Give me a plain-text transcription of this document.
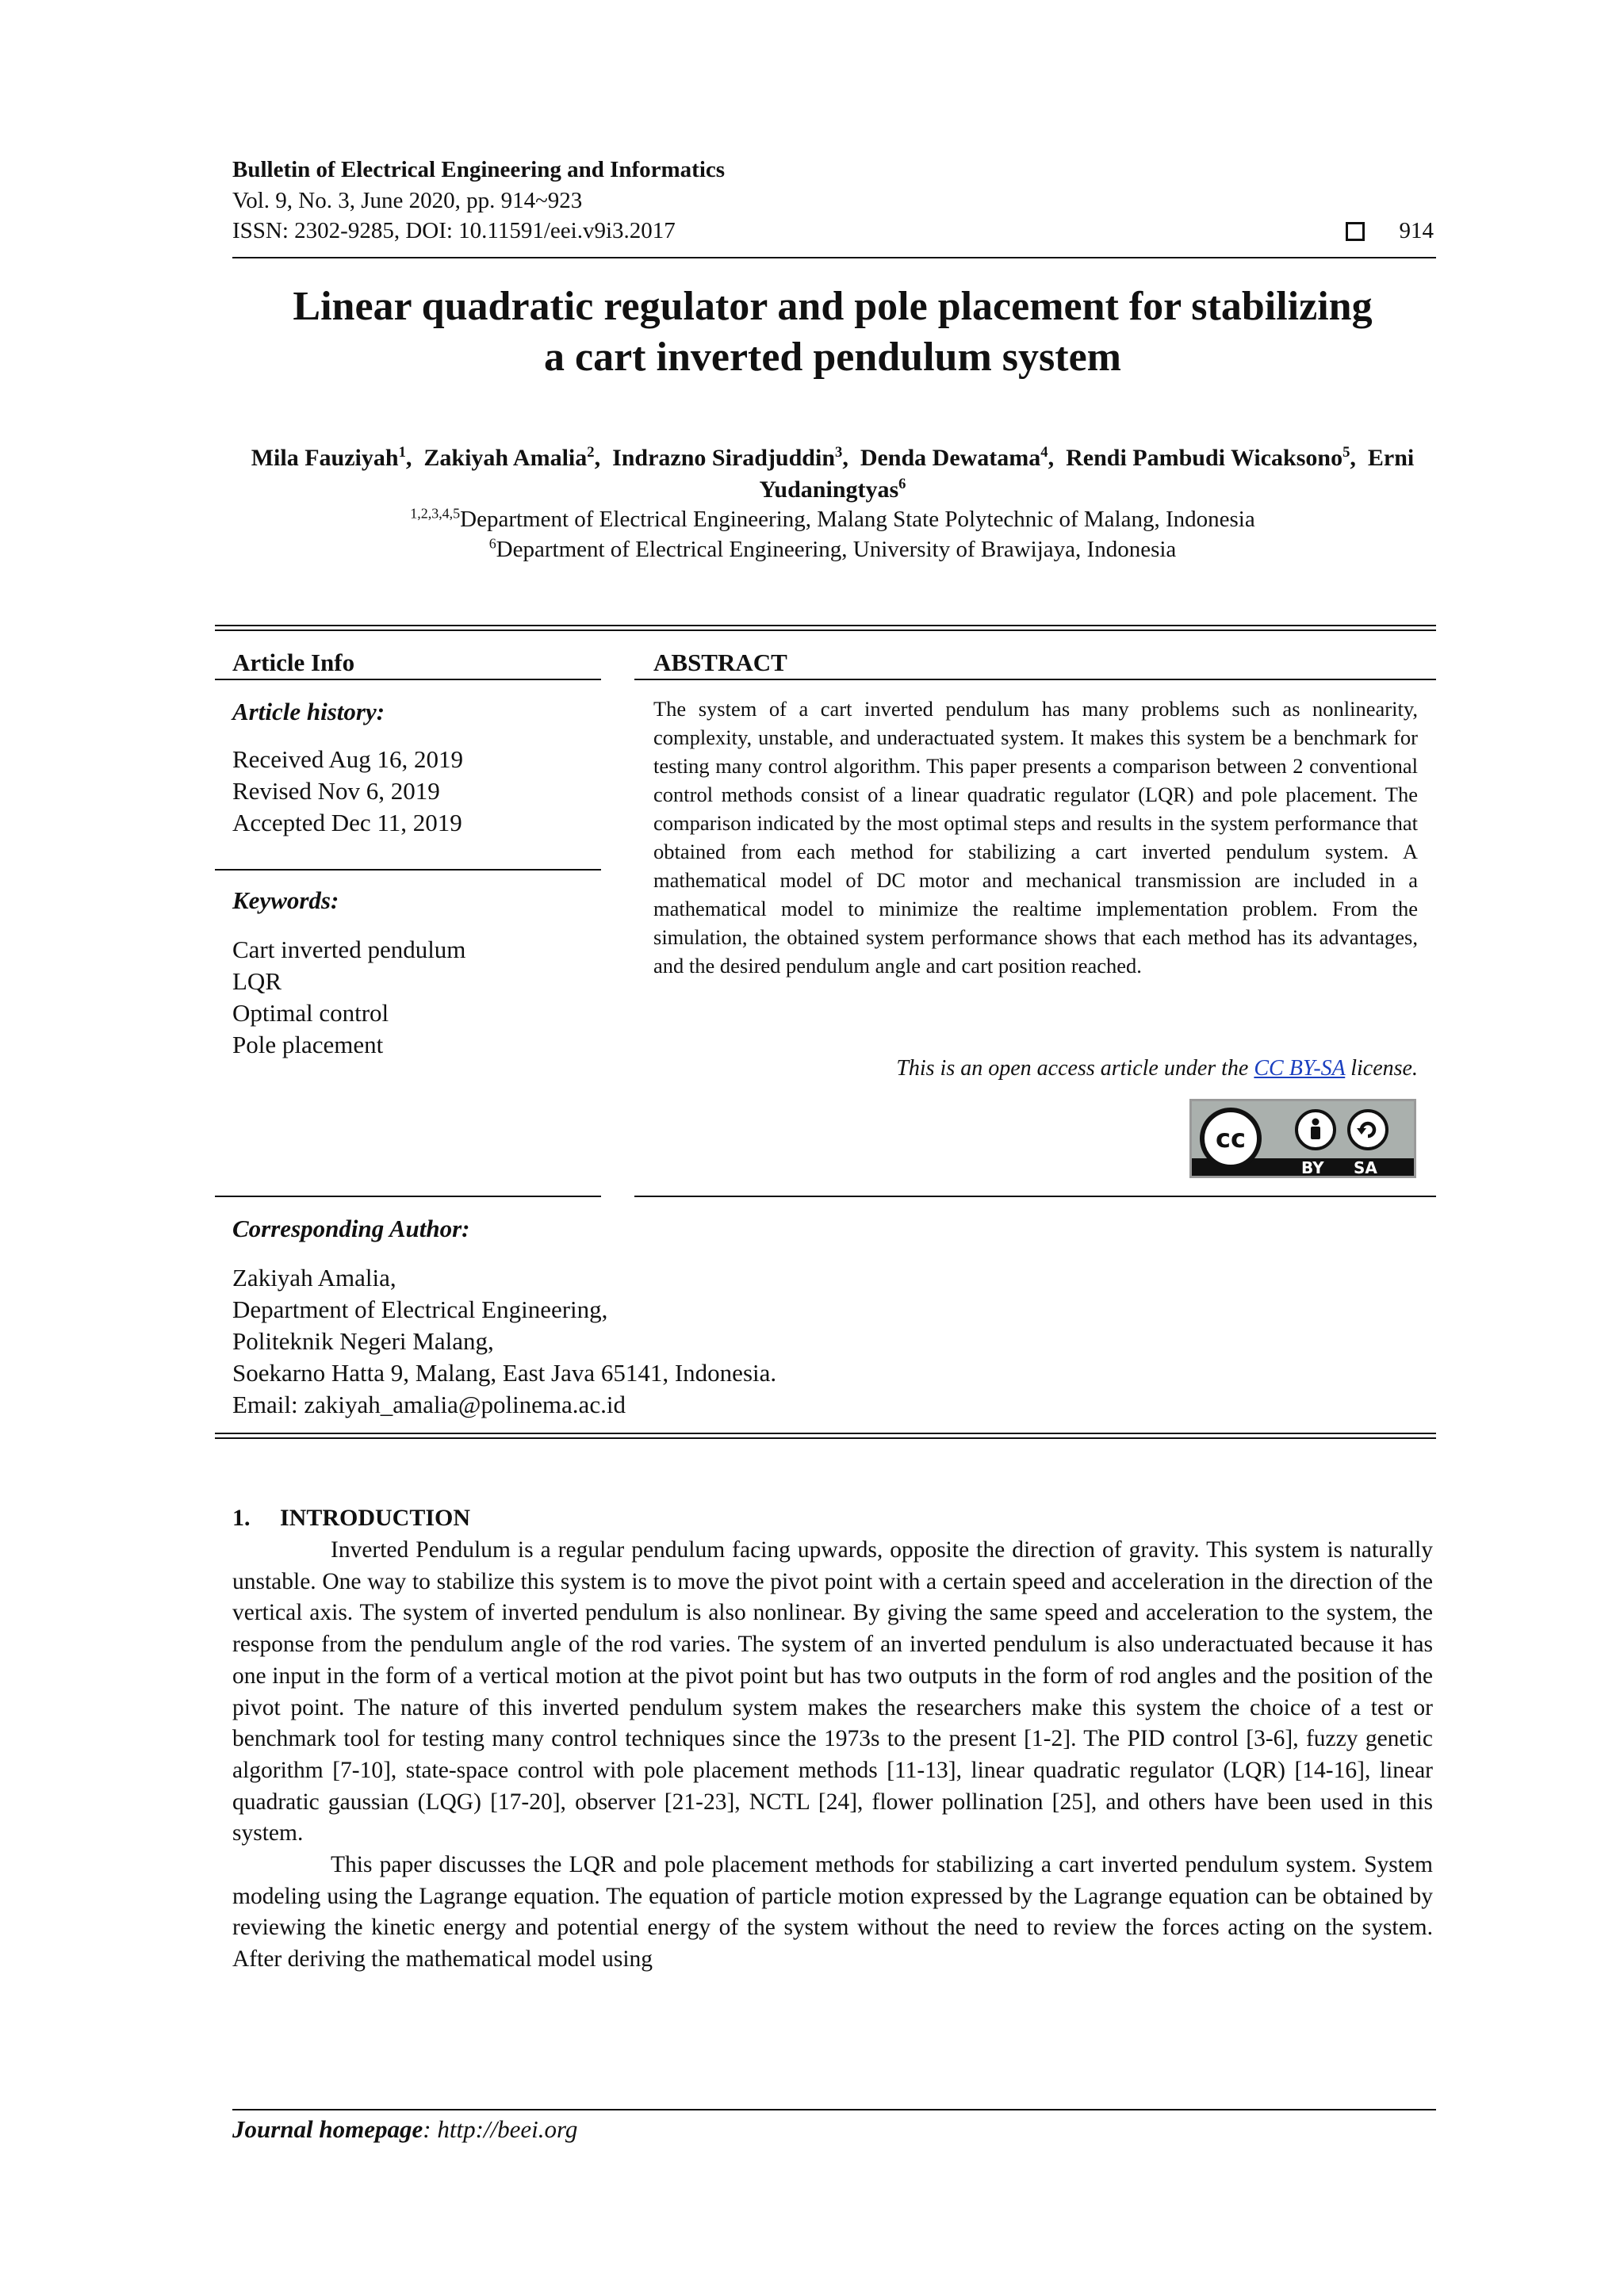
Bulletin of Electrical Engineering and Informatics
Vol. 9, No. 3, June 2020, pp. 914~923
ISSN: 2302-9285, DOI: 10.11591/eei.v9i3.2017	914
Linear quadratic regulator and pole placement for stabilizing
a cart inverted pendulum system
Mila Fauziyah$^1$,  Zakiyah Amalia$^2$,  Indrazno Siradjuddin$^3$,  Denda Dewatama$^4$,  Rendi Pambudi Wicaksono$^5$,  Erni Yudaningtyas$^6$
$^{1,2,3,4,5}$Department of Electrical Engineering, Malang State Polytechnic of Malang, Indonesia
$^6$Department of Electrical Engineering, University of Brawijaya, Indonesia
Article Info	ABSTRACT
Article history:
Received Aug 16, 2019
Revised Nov 6, 2019
Accepted Dec 11, 2019
Keywords:
Cart inverted pendulum
LQR
Optimal control
Pole placement
The system of a cart inverted pendulum has many problems such as nonlinearity, complexity, unstable, and underactuated system. It makes this system be a benchmark for testing many control algorithm. This paper presents a comparison between 2 conventional control methods consist of a linear quadratic regulator (LQR) and pole placement. The comparison indicated by the most optimal steps and results in the system performance that obtained from each method for stabilizing a cart inverted pendulum system. A mathematical model of DC motor and mechanical transmission are included in a mathematical model to minimize the realtime implementation problem. From the simulation, the obtained system performance shows that each method has its advantages, and the desired pendulum angle and cart position reached.
This is an open access article under the CC BY-SA license.
cc
BY SA
Corresponding Author:
Zakiyah Amalia,
Department of Electrical Engineering,
Politeknik Negeri Malang,
Soekarno Hatta 9, Malang, East Java 65141, Indonesia.
Email: zakiyah_amalia@polinema.ac.id
1.     INTRODUCTION

Inverted Pendulum is a regular pendulum facing upwards, opposite the direction of gravity. This system is naturally unstable. One way to stabilize this system is to move the pivot point with a certain speed and acceleration in the direction of the vertical axis. The system of inverted pendulum is also nonlinear. By giving the same speed and acceleration to the system, the response from the pendulum angle of the rod varies. The system of an inverted pendulum is also underactuated because it has one input in the form of a vertical motion at the pivot point but has two outputs in the form of rod angles and the position of the pivot point. The nature of this inverted pendulum system makes the researchers make this system the choice of a test or benchmark tool for testing many control techniques since the 1973s to the present [1-2]. The PID control [3-6], fuzzy genetic algorithm [7-10], state-space control with pole placement methods [11-13], linear quadratic regulator (LQR) [14-16], linear quadratic gaussian (LQG) [17-20], observer [21-23], NCTL [24], flower pollination [25], and others have been used in this system.

This paper discusses the LQR and pole placement methods for stabilizing a cart inverted pendulum system. System modeling using the Lagrange equation. The equation of particle motion expressed by the Lagrange equation can be obtained by reviewing the kinetic energy and potential energy of the system without the need to review the forces acting on the system. After deriving the mathematical model using

Journal homepage: http://beei.org
